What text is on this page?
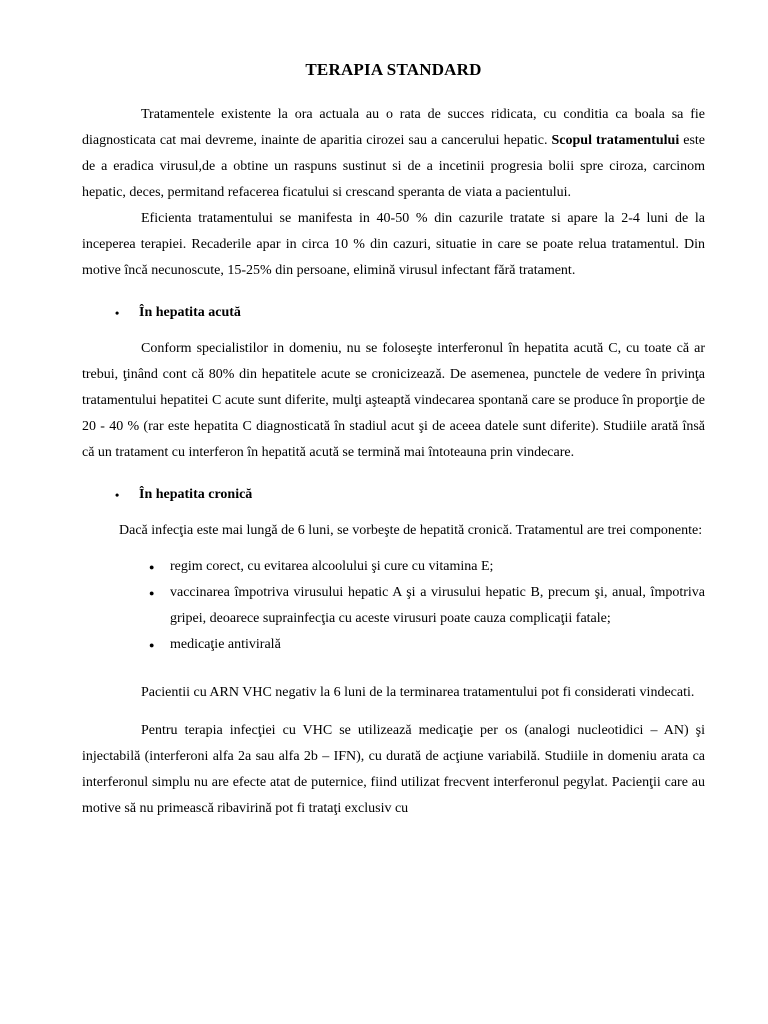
TERAPIA STANDARD

Tratamentele existente la ora actuala au o rata de succes ridicata, cu conditia ca boala sa fie diagnosticata cat mai devreme, inainte de aparitia cirozei sau a cancerului hepatic. Scopul tratamentului este de a eradica virusul,de a obtine un raspuns sustinut si de a incetinii progresia bolii spre ciroza, carcinom hepatic, deces, permitand refacerea ficatului si crescand speranta de viata a pacientului.

Eficienta tratamentului se manifesta in 40-50 % din cazurile tratate si apare la 2-4 luni de la inceperea terapiei. Recaderile apar in circa 10 % din cazuri, situatie in care se poate relua tratamentul. Din motive încă necunoscute, 15-25% din persoane, elimină virusul infectant fără tratament.

•	În hepatita acută

Conform specialistilor in domeniu, nu se foloseşte interferonul în hepatita acută C, cu toate că ar trebui, ţinând cont că 80% din hepatitele acute se cronicizează. De asemenea, punctele de vedere în privinţa tratamentului hepatitei C acute sunt diferite, mulţi aşteaptă vindecarea spontană care se produce în proporţie de 20 - 40 % (rar este hepatita C diagnosticată în stadiul acut şi de aceea datele sunt diferite). Studiile arată însă că un tratament cu interferon în hepatită acută se termină mai întoteauna prin vindecare.

•	În hepatita cronică

Dacă infecţia este mai lungă de 6 luni, se vorbeşte de hepatită cronică. Tratamentul are trei componente:

●	regim corect, cu evitarea alcoolului şi cure cu vitamina E;
●	vaccinarea împotriva virusului hepatic A şi a virusului hepatic B, precum şi, anual, împotriva gripei, deoarece suprainfecţia cu aceste virusuri poate cauza complicaţii fatale;
●	medicaţie antivirală

Pacientii cu ARN VHC negativ la 6 luni de la terminarea tratamentului pot fi considerati vindecati.

Pentru terapia infecţiei cu VHC se utilizează medicaţie per os (analogi nucleotidici – AN) şi injectabilă (interferoni alfa 2a sau alfa 2b – IFN), cu durată de acţiune variabilă. Studiile in domeniu arata ca interferonul simplu nu are efecte atat de puternice, fiind utilizat frecvent interferonul pegylat. Pacienţii care au motive să nu primească ribavirină pot fi trataţi exclusiv cu
